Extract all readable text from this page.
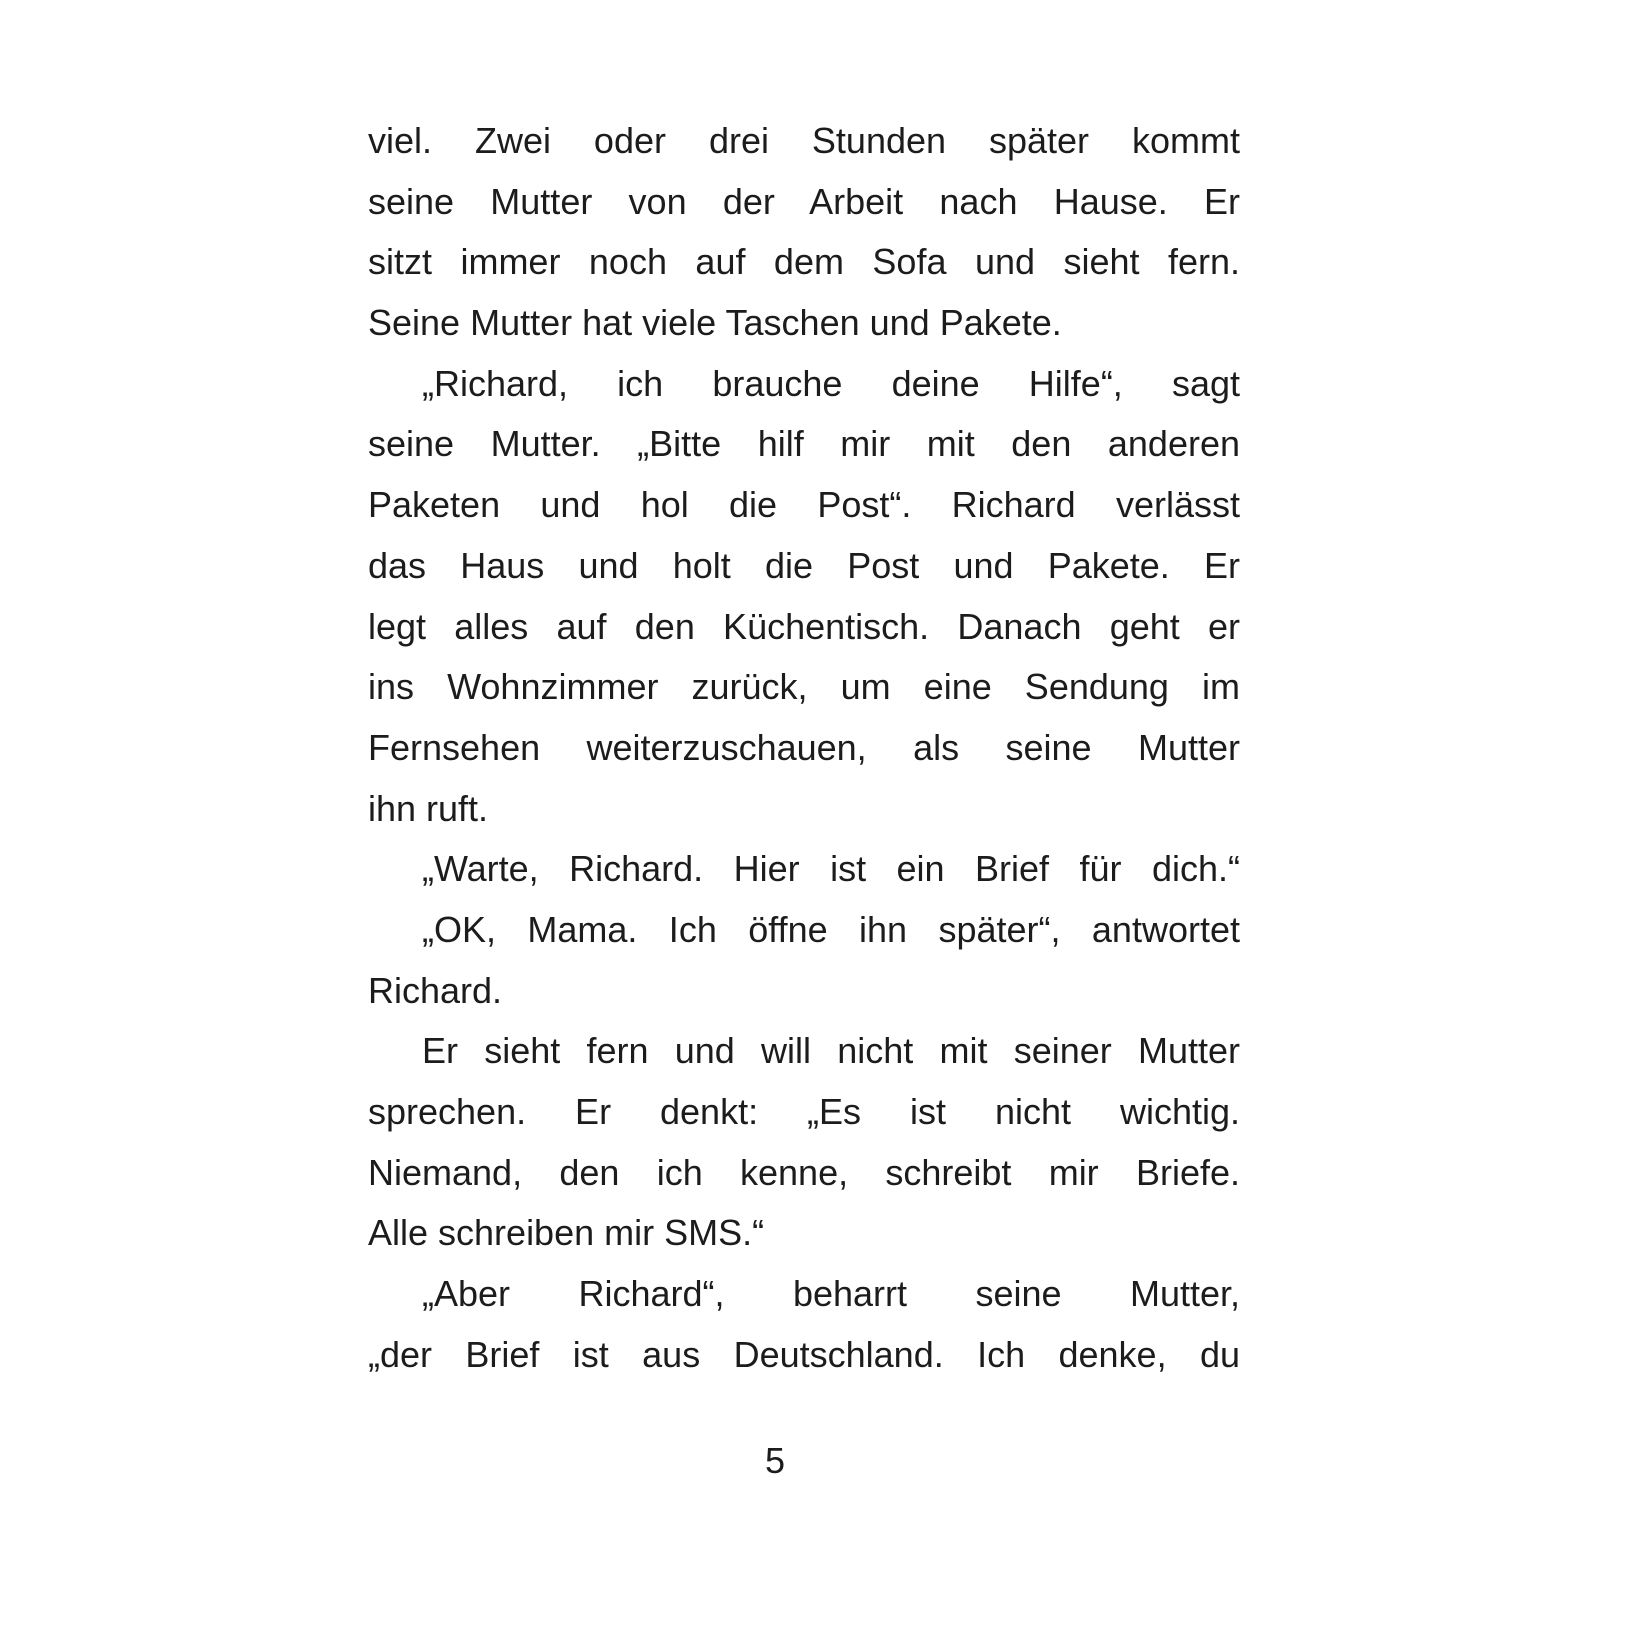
viel. Zwei oder drei Stunden später kommt
seine Mutter von der Arbeit nach Hause. Er
sitzt immer noch auf dem Sofa und sieht fern.
Seine Mutter hat viele Taschen und Pakete.
„Richard, ich brauche deine Hilfe“, sagt
seine Mutter. „Bitte hilf mir mit den anderen
Paketen und hol die Post“. Richard verlässt
das Haus und holt die Post und Pakete. Er
legt alles auf den Küchentisch. Danach geht er
ins Wohnzimmer zurück, um eine Sendung im
Fernsehen weiterzuschauen, als seine Mutter
ihn ruft.
„Warte, Richard. Hier ist ein Brief für dich.“
„OK, Mama. Ich öffne ihn später“, antwortet
Richard.
Er sieht fern und will nicht mit seiner Mutter
sprechen. Er denkt: „Es ist nicht wichtig.
Niemand, den ich kenne, schreibt mir Briefe.
Alle schreiben mir SMS.“
„Aber Richard“, beharrt seine Mutter,
„der Brief ist aus Deutschland. Ich denke, du
5
